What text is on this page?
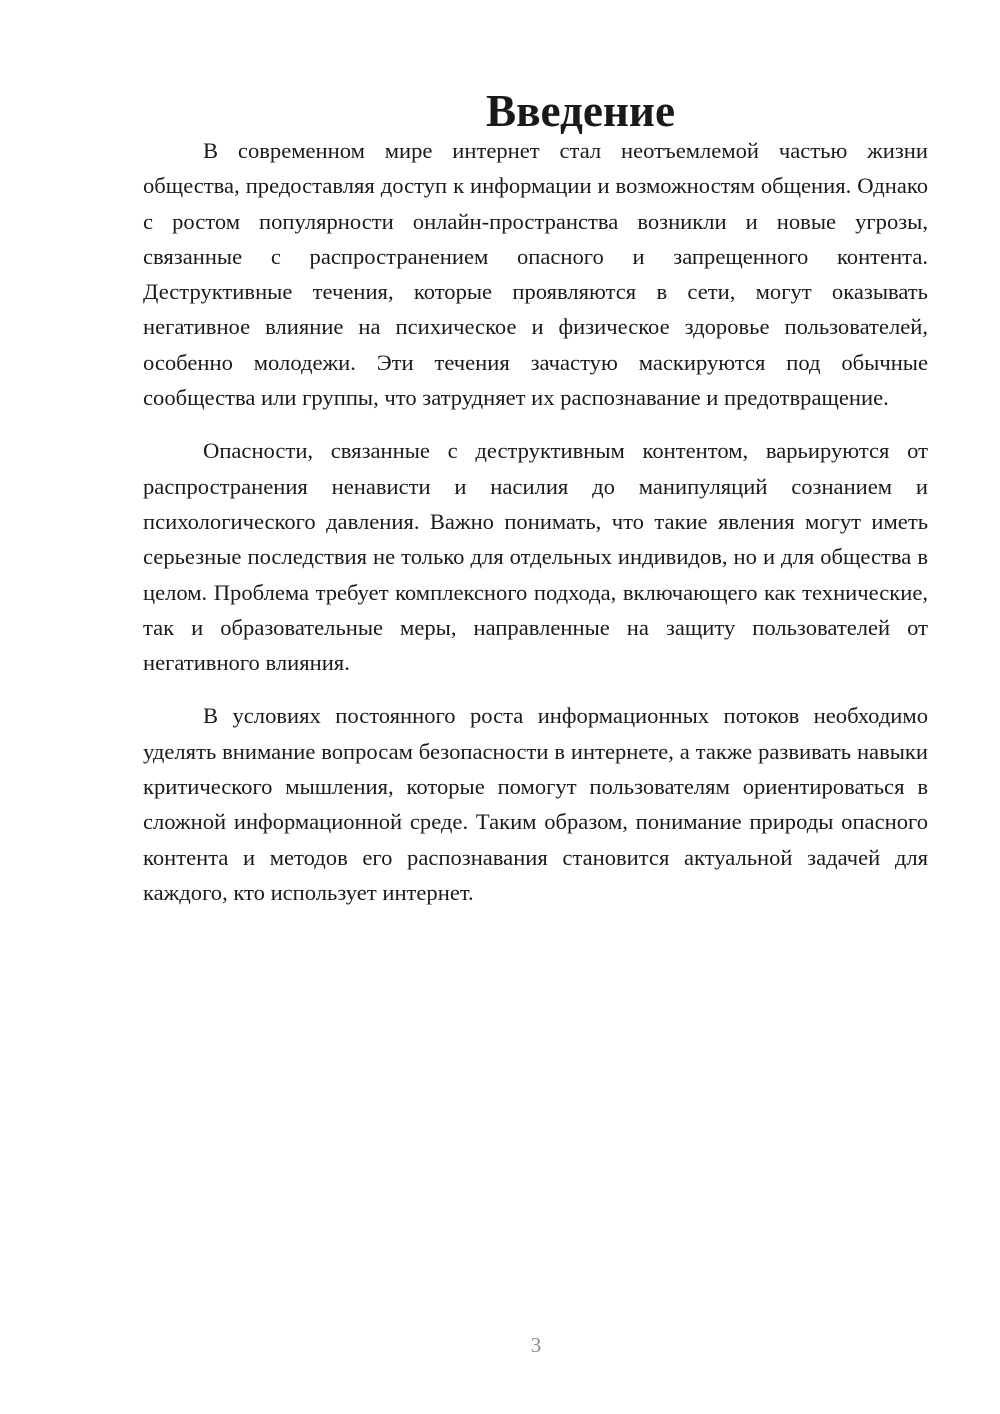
Введение

В современном мире интернет стал неотъемлемой частью жизни общества, предоставляя доступ к информации и возможностям общения. Однако с ростом популярности онлайн-пространства возникли и новые угрозы, связанные с распространением опасного и запрещенного контента. Деструктивные течения, которые проявляются в сети, могут оказывать негативное влияние на психическое и физическое здоровье пользователей, особенно молодежи. Эти течения зачастую маскируются под обычные сообщества или группы, что затрудняет их распознавание и предотвращение.

Опасности, связанные с деструктивным контентом, варьируются от распространения ненависти и насилия до манипуляций сознанием и психологического давления. Важно понимать, что такие явления могут иметь серьезные последствия не только для отдельных индивидов, но и для общества в целом. Проблема требует комплексного подхода, включающего как технические, так и образовательные меры, направленные на защиту пользователей от негативного влияния.

В условиях постоянного роста информационных потоков необходимо уделять внимание вопросам безопасности в интернете, а также развивать навыки критического мышления, которые помогут пользователям ориентироваться в сложной информационной среде. Таким образом, понимание природы опасного контента и методов его распознавания становится актуальной задачей для каждого, кто использует интернет.

3
